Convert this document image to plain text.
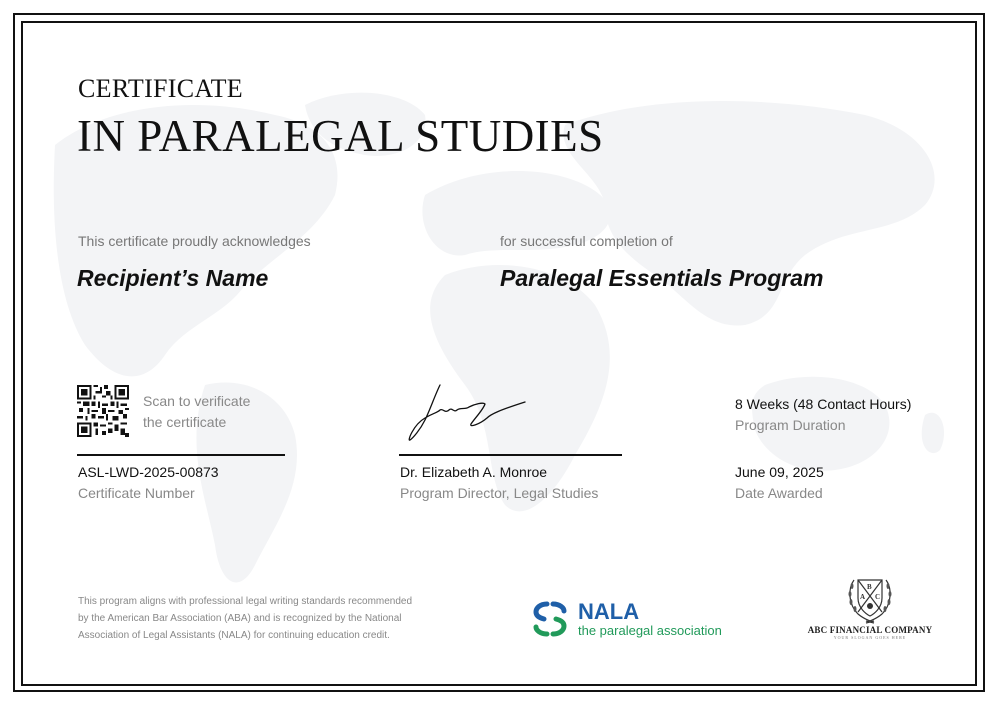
CERTIFICATE
IN PARALEGAL STUDIES
This certificate proudly acknowledges
Recipient’s Name
for successful completion of
Paralegal Essentials Program
Scan to verificate
the certificate
ASL-LWD-2025-00873
Certificate Number
Dr. Elizabeth A. Monroe
Program Director, Legal Studies
8 Weeks (48 Contact Hours)
Program Duration
June 09, 2025
Date Awarded
This program aligns with professional legal writing standards recommended
by the American Bar Association (ABA) and is recognized by the National
Association of Legal Assistants (NALA) for continuing education credit.
NALA
the paralegal association
B
A C
ABC FINANCIAL COMPANY
YOUR SLOGAN GOES HERE
